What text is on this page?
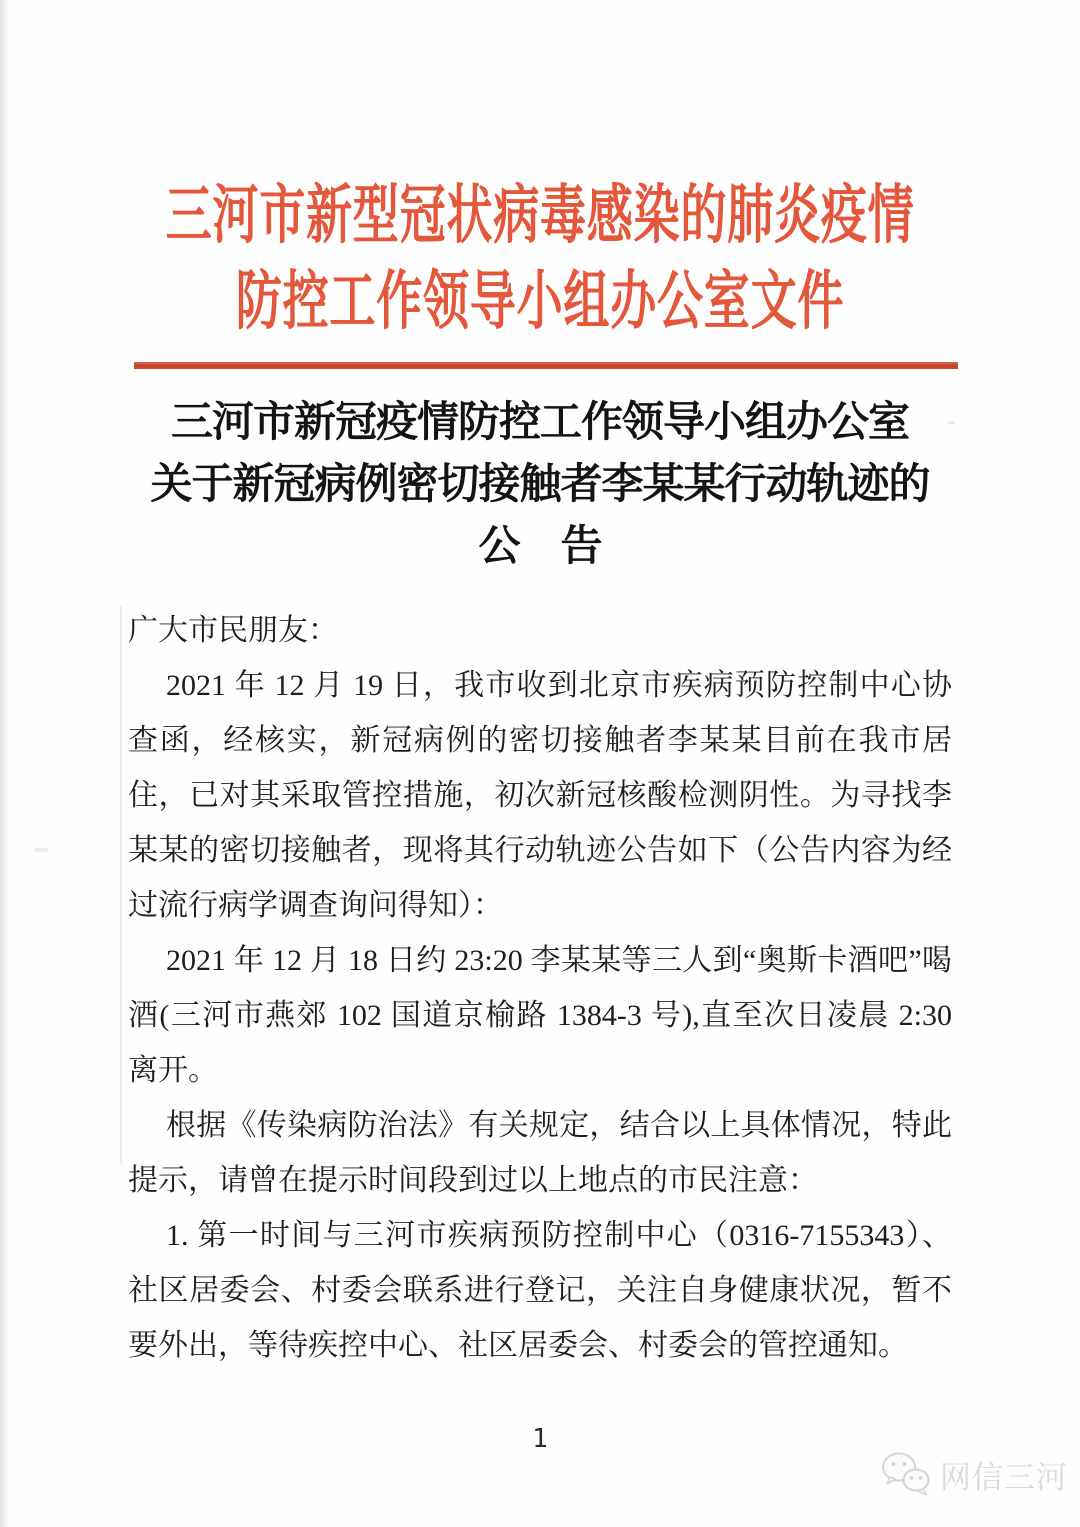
三河市新型冠状病毒感染的肺炎疫情
防控工作领导小组办公室文件
三河市新冠疫情防控工作领导小组办公室
关于新冠病例密切接触者李某某行动轨迹的
公　告

广大市民朋友：

2021 年 12 月 19 日，我市收到北京市疾病预防控制中心协查函，经核实，新冠病例的密切接触者李某某目前在我市居住，已对其采取管控措施，初次新冠核酸检测阴性。为寻找李某某的密切接触者，现将其行动轨迹公告如下（公告内容为经过流行病学调查询问得知）：

2021 年 12 月 18 日约 23:20 李某某等三人到“奥斯卡酒吧”喝酒(三河市燕郊 102 国道京榆路 1384-3 号),直至次日凌晨 2:30 离开。

根据《传染病防治法》有关规定，结合以上具体情况，特此提示，请曾在提示时间段到过以上地点的市民注意：

1. 第一时间与三河市疾病预防控制中心（0316-7155343）、社区居委会、村委会联系进行登记，关注自身健康状况，暂不要外出，等待疾控中心、社区居委会、村委会的管控通知。

1
网信三河
